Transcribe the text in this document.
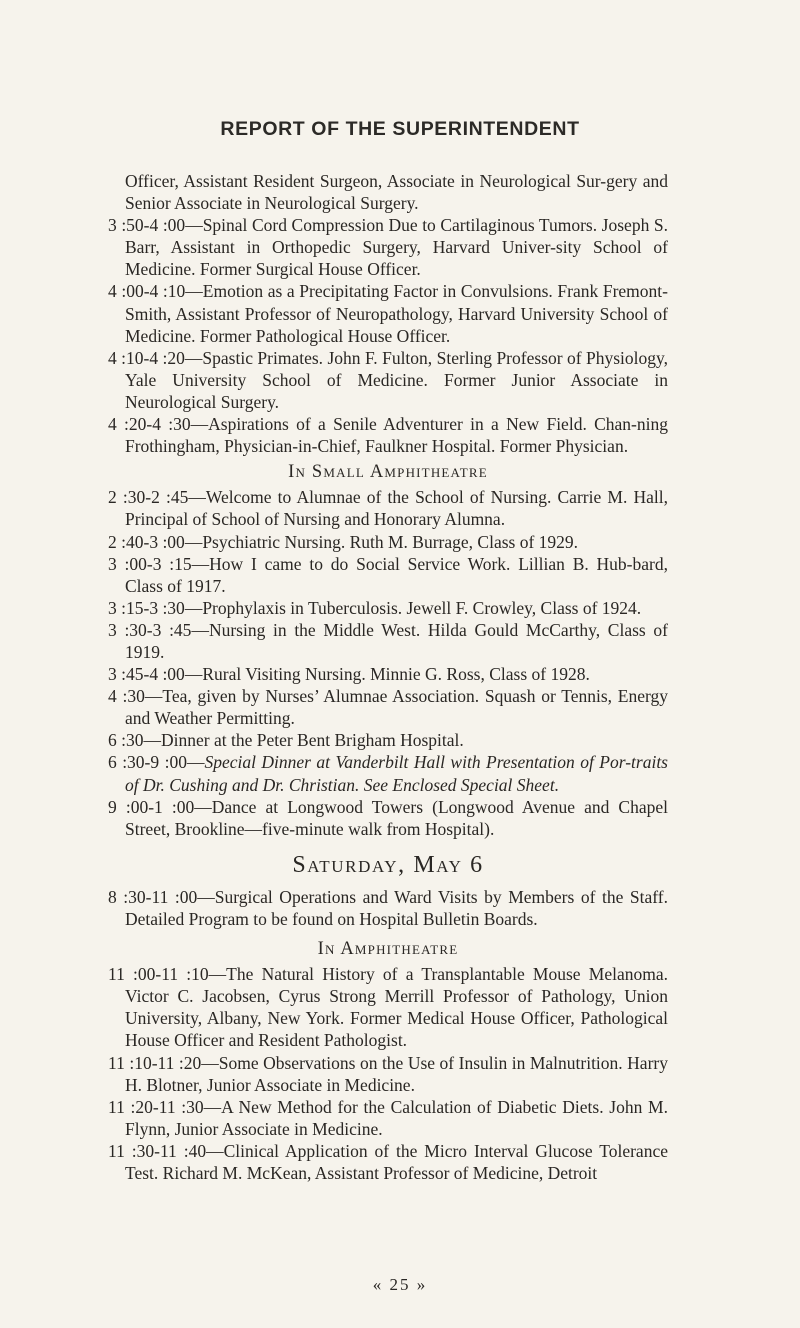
REPORT OF THE SUPERINTENDENT

Officer, Assistant Resident Surgeon, Associate in Neurological Sur-gery and Senior Associate in Neurological Surgery.

3 :50-4 :00—Spinal Cord Compression Due to Cartilaginous Tumors. Joseph S. Barr, Assistant in Orthopedic Surgery, Harvard Univer-sity School of Medicine. Former Surgical House Officer.

4 :00-4 :10—Emotion as a Precipitating Factor in Convulsions. Frank Fremont-Smith, Assistant Professor of Neuropathology, Harvard University School of Medicine. Former Pathological House Officer.

4 :10-4 :20—Spastic Primates. John F. Fulton, Sterling Professor of Physiology, Yale University School of Medicine. Former Junior Associate in Neurological Surgery.

4 :20-4 :30—Aspirations of a Senile Adventurer in a New Field. Chan-ning Frothingham, Physician-in-Chief, Faulkner Hospital. Former Physician.

In Small Amphitheatre

2 :30-2 :45—Welcome to Alumnae of the School of Nursing. Carrie M. Hall, Principal of School of Nursing and Honorary Alumna.

2 :40-3 :00—Psychiatric Nursing. Ruth M. Burrage, Class of 1929.

3 :00-3 :15—How I came to do Social Service Work. Lillian B. Hub-bard, Class of 1917.

3 :15-3 :30—Prophylaxis in Tuberculosis. Jewell F. Crowley, Class of 1924.

3 :30-3 :45—Nursing in the Middle West. Hilda Gould McCarthy, Class of 1919.

3 :45-4 :00—Rural Visiting Nursing. Minnie G. Ross, Class of 1928.

4 :30—Tea, given by Nurses’ Alumnae Association. Squash or Tennis, Energy and Weather Permitting.

6 :30—Dinner at the Peter Bent Brigham Hospital.

6 :30-9 :00—Special Dinner at Vanderbilt Hall with Presentation of Por-traits of Dr. Cushing and Dr. Christian. See Enclosed Special Sheet.

9 :00-1 :00—Dance at Longwood Towers (Longwood Avenue and Chapel Street, Brookline—five-minute walk from Hospital).

Saturday, May 6

8 :30-11 :00—Surgical Operations and Ward Visits by Members of the Staff. Detailed Program to be found on Hospital Bulletin Boards.

In Amphitheatre

11 :00-11 :10—The Natural History of a Transplantable Mouse Melanoma. Victor C. Jacobsen, Cyrus Strong Merrill Professor of Pathology, Union University, Albany, New York. Former Medical House Officer, Pathological House Officer and Resident Pathologist.

11 :10-11 :20—Some Observations on the Use of Insulin in Malnutrition. Harry H. Blotner, Junior Associate in Medicine.

11 :20-11 :30—A New Method for the Calculation of Diabetic Diets. John M. Flynn, Junior Associate in Medicine.

11 :30-11 :40—Clinical Application of the Micro Interval Glucose Tolerance Test. Richard M. McKean, Assistant Professor of Medicine, Detroit

« 25 »
